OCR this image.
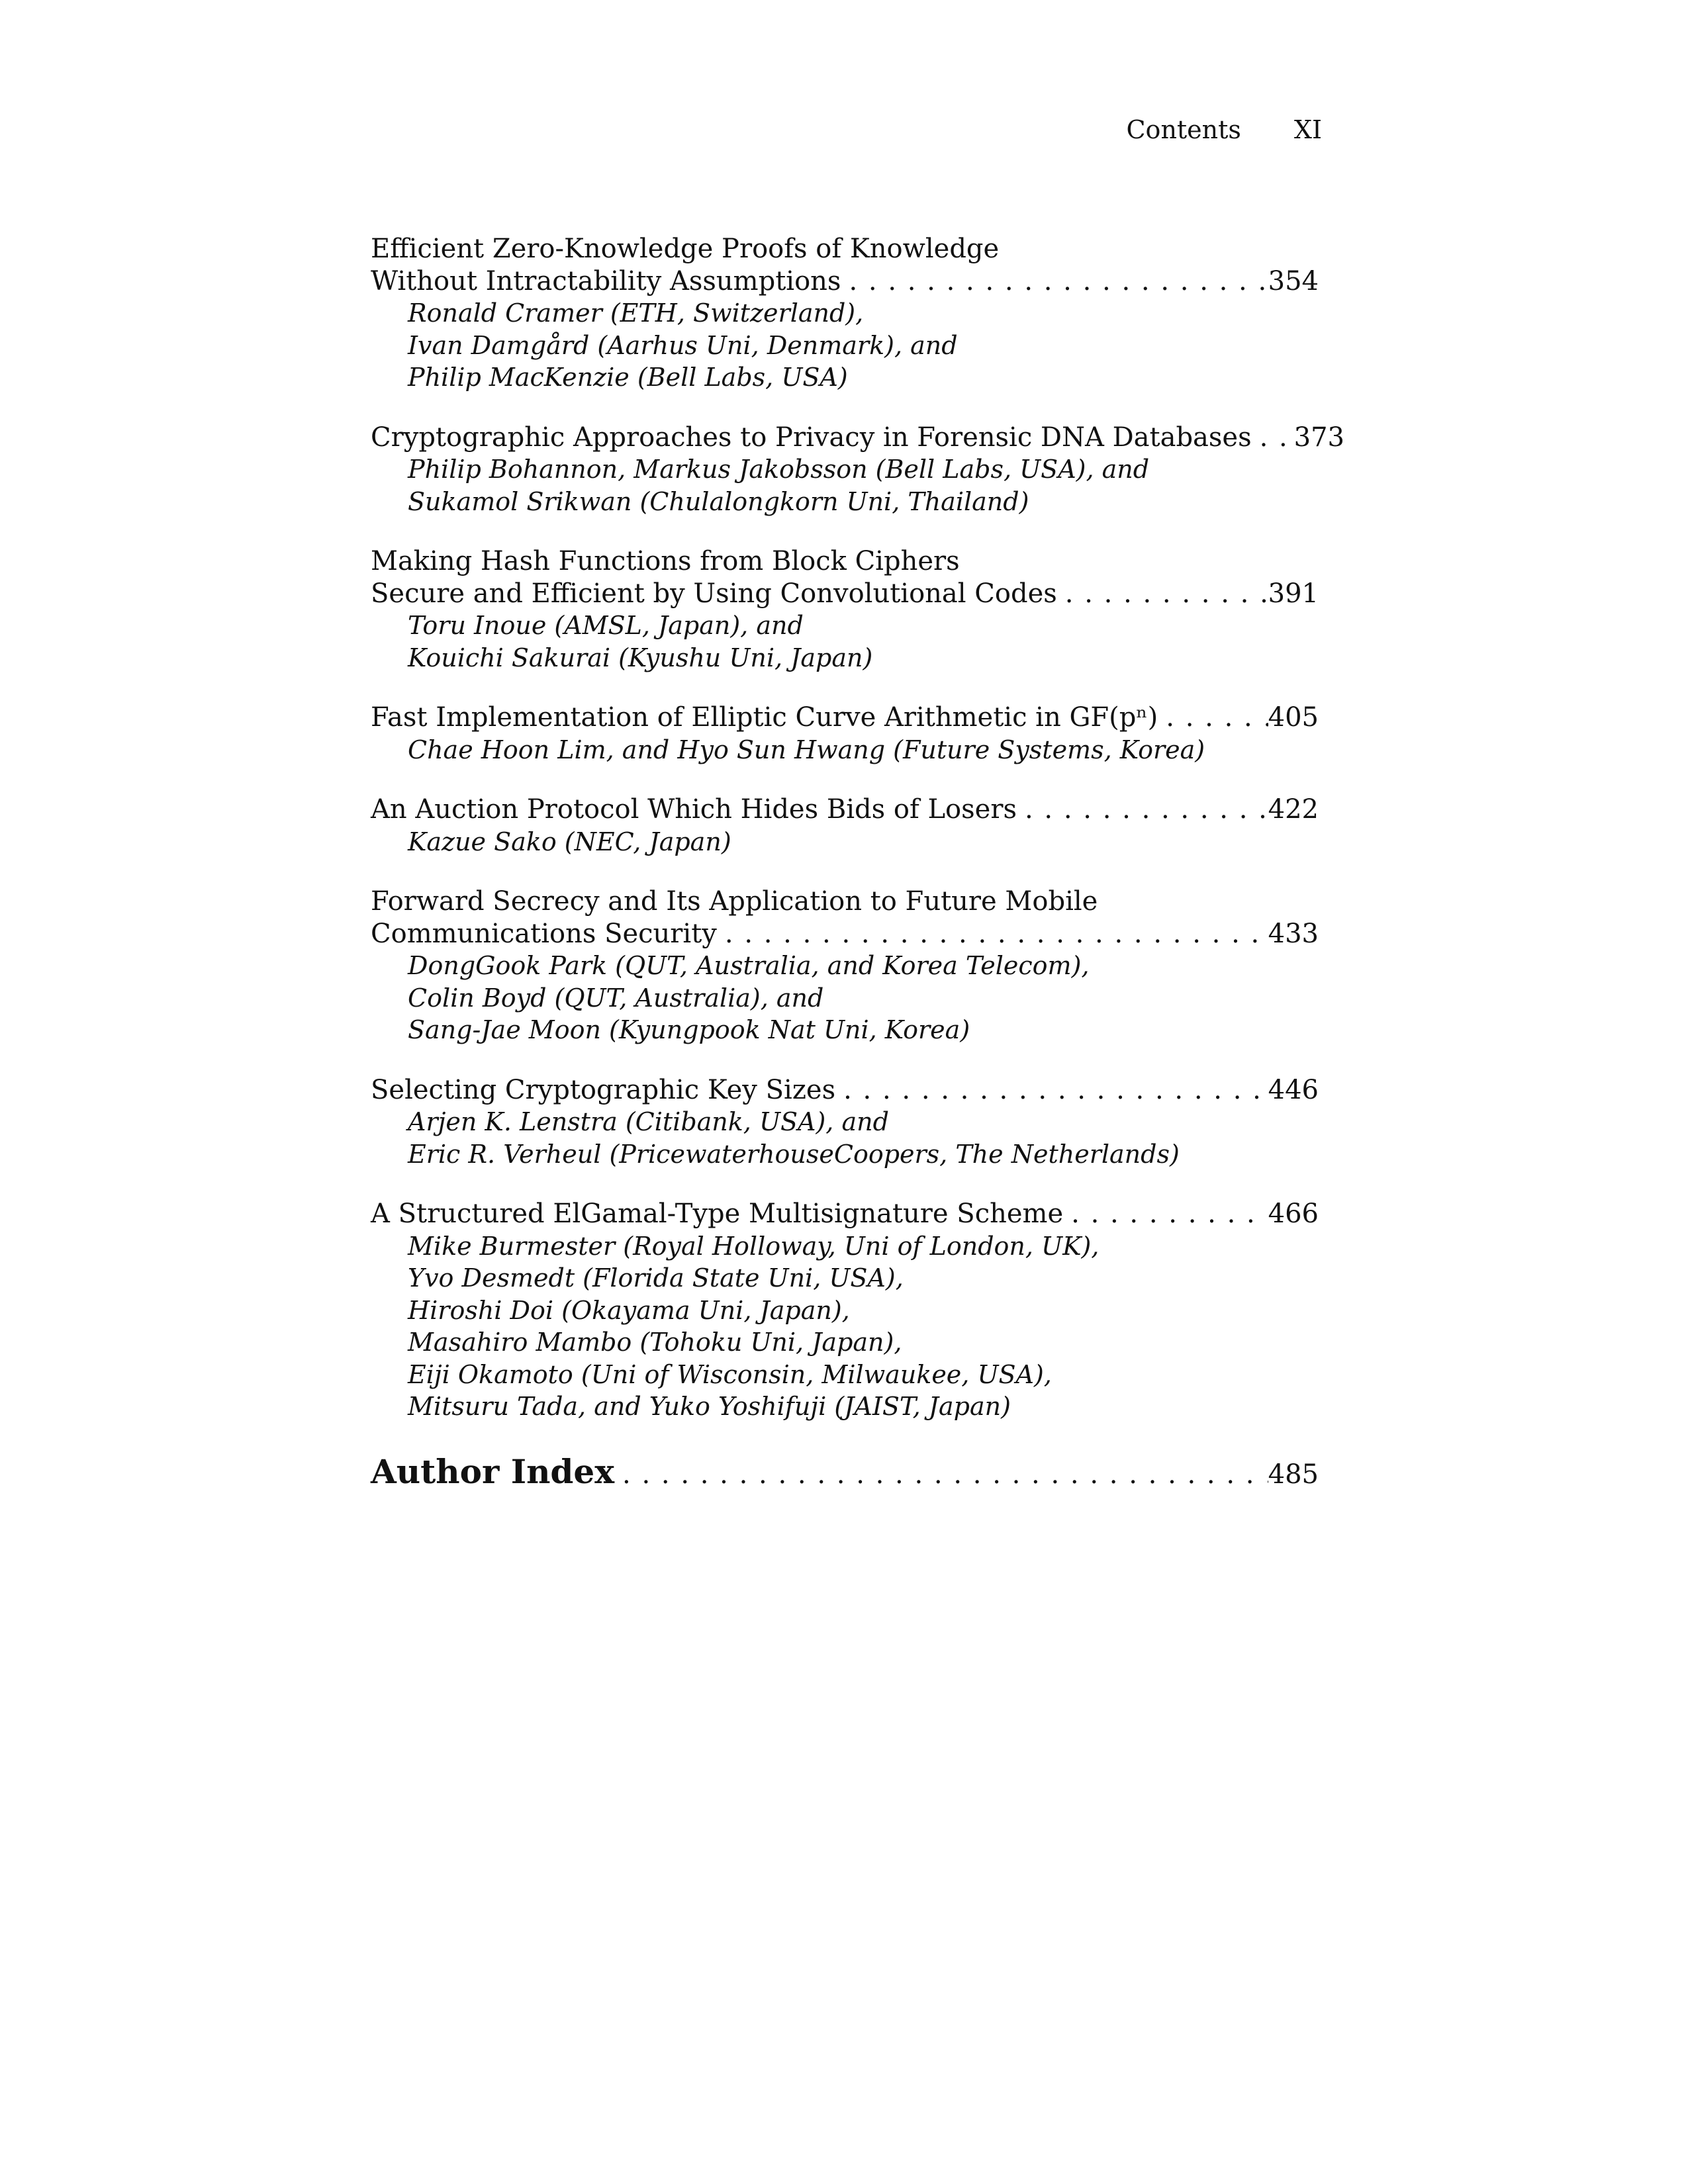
Contents XI
Efficient Zero-Knowledge Proofs of Knowledge
Without Intractability Assumptions . . .	354
Ronald Cramer (ETH, Switzerland),
Ivan Damgård (Aarhus Uni, Denmark), and
Philip MacKenzie (Bell Labs, USA)
Cryptographic Approaches to Privacy in Forensic DNA Databases . . . 373
Philip Bohannon, Markus Jakobsson (Bell Labs, USA), and
Sukamol Srikwan (Chulalongkorn Uni, Thailand)
Making Hash Functions from Block Ciphers
Secure and Efficient by Using Convolutional Codes . . .	391
Toru Inoue (AMSL, Japan), and
Kouichi Sakurai (Kyushu Uni, Japan)
Fast Implementation of Elliptic Curve Arithmetic in GF(pⁿ) . . .	405
Chae Hoon Lim, and Hyo Sun Hwang (Future Systems, Korea)
An Auction Protocol Which Hides Bids of Losers . . .	422
Kazue Sako (NEC, Japan)
Forward Secrecy and Its Application to Future Mobile
Communications Security . . .	433
DongGook Park (QUT, Australia, and Korea Telecom),
Colin Boyd (QUT, Australia), and
Sang-Jae Moon (Kyungpook Nat Uni, Korea)
Selecting Cryptographic Key Sizes . . .	446
Arjen K. Lenstra (Citibank, USA), and
Eric R. Verheul (PricewaterhouseCoopers, The Netherlands)
A Structured ElGamal-Type Multisignature Scheme . . .	466
Mike Burmester (Royal Holloway, Uni of London, UK),
Yvo Desmedt (Florida State Uni, USA),
Hiroshi Doi (Okayama Uni, Japan),
Masahiro Mambo (Tohoku Uni, Japan),
Eiji Okamoto (Uni of Wisconsin, Milwaukee, USA),
Mitsuru Tada, and Yuko Yoshifuji (JAIST, Japan)
Author Index . . .	485
